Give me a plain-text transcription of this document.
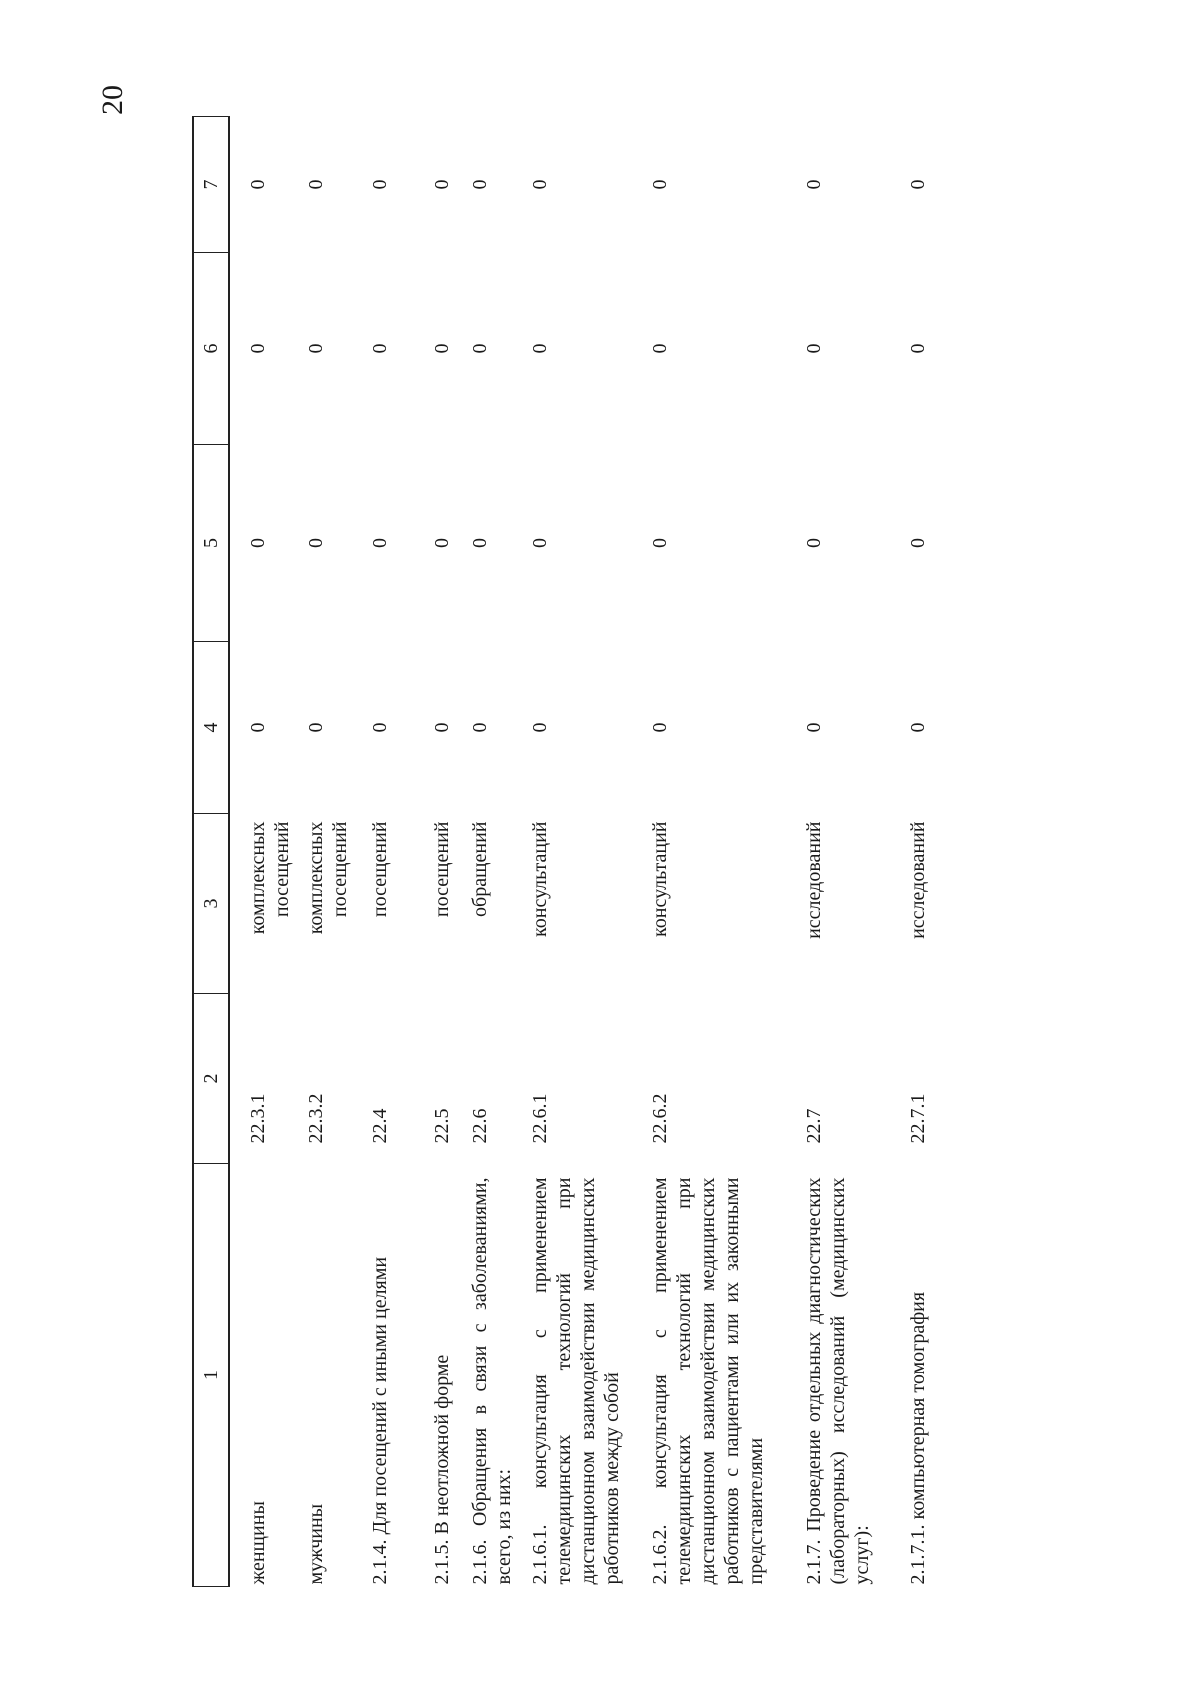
20
1	2	3	4	5	6	7
женщины	22.3.1	комплексных посещений	0	0	0	0
мужчины	22.3.2	комплексных посещений	0	0	0	0
2.1.4. Для посещений с иными целями	22.4	посещений	0	0	0	0
2.1.5. В неотложной форме	22.5	посещений	0	0	0	0
2.1.6. Обращения в связи с заболеваниями, всего, из них:	22.6	обращений	0	0	0	0
2.1.6.1. консультация с применением телемедицинских технологий при дистанционном взаимодействии медицинских работников между собой	22.6.1	консультаций	0	0	0	0
2.1.6.2. консультация с применением телемедицинских технологий при дистанционном взаимодействии медицинских работников с пациентами или их законными представителями	22.6.2	консультаций	0	0	0	0
2.1.7. Проведение отдельных диагностических (лабораторных) исследований (медицинских услуг):	22.7	исследований	0	0	0	0
2.1.7.1. компьютерная томография	22.7.1	исследований	0	0	0	0
